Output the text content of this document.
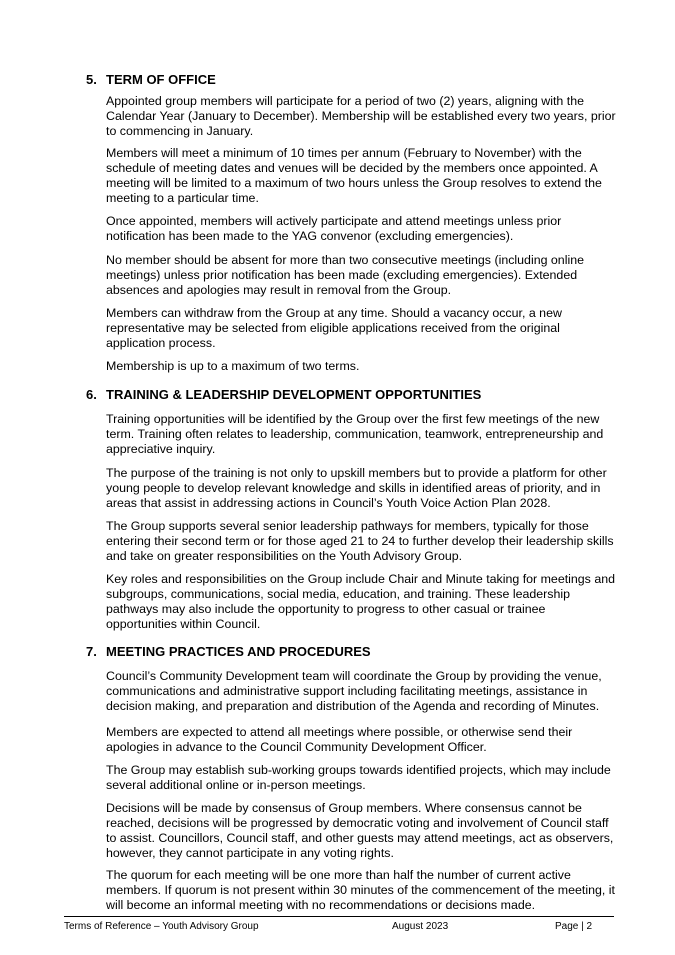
5. TERM OF OFFICE
Appointed group members will participate for a period of two (2) years, aligning with the Calendar Year (January to December). Membership will be established every two years, prior to commencing in January.
Members will meet a minimum of 10 times per annum (February to November) with the schedule of meeting dates and venues will be decided by the members once appointed. A meeting will be limited to a maximum of two hours unless the Group resolves to extend the meeting to a particular time.
Once appointed, members will actively participate and attend meetings unless prior notification has been made to the YAG convenor (excluding emergencies).
No member should be absent for more than two consecutive meetings (including online meetings) unless prior notification has been made (excluding emergencies). Extended absences and apologies may result in removal from the Group.
Members can withdraw from the Group at any time. Should a vacancy occur, a new representative may be selected from eligible applications received from the original application process.
Membership is up to a maximum of two terms.
6. TRAINING & LEADERSHIP DEVELOPMENT OPPORTUNITIES
Training opportunities will be identified by the Group over the first few meetings of the new term. Training often relates to leadership, communication, teamwork, entrepreneurship and appreciative inquiry.
The purpose of the training is not only to upskill members but to provide a platform for other young people to develop relevant knowledge and skills in identified areas of priority, and in areas that assist in addressing actions in Council’s Youth Voice Action Plan 2028.
The Group supports several senior leadership pathways for members, typically for those entering their second term or for those aged 21 to 24 to further develop their leadership skills and take on greater responsibilities on the Youth Advisory Group.
Key roles and responsibilities on the Group include Chair and Minute taking for meetings and subgroups, communications, social media, education, and training. These leadership pathways may also include the opportunity to progress to other casual or trainee opportunities within Council.
7. MEETING PRACTICES AND PROCEDURES
Council’s Community Development team will coordinate the Group by providing the venue, communications and administrative support including facilitating meetings, assistance in decision making, and preparation and distribution of the Agenda and recording of Minutes.
Members are expected to attend all meetings where possible, or otherwise send their apologies in advance to the Council Community Development Officer.
The Group may establish sub-working groups towards identified projects, which may include several additional online or in-person meetings.
Decisions will be made by consensus of Group members. Where consensus cannot be reached, decisions will be progressed by democratic voting and involvement of Council staff to assist. Councillors, Council staff, and other guests may attend meetings, act as observers, however, they cannot participate in any voting rights.
The quorum for each meeting will be one more than half the number of current active members. If quorum is not present within 30 minutes of the commencement of the meeting, it will become an informal meeting with no recommendations or decisions made.
Terms of Reference – Youth Advisory Group	August 2023	Page | 2
